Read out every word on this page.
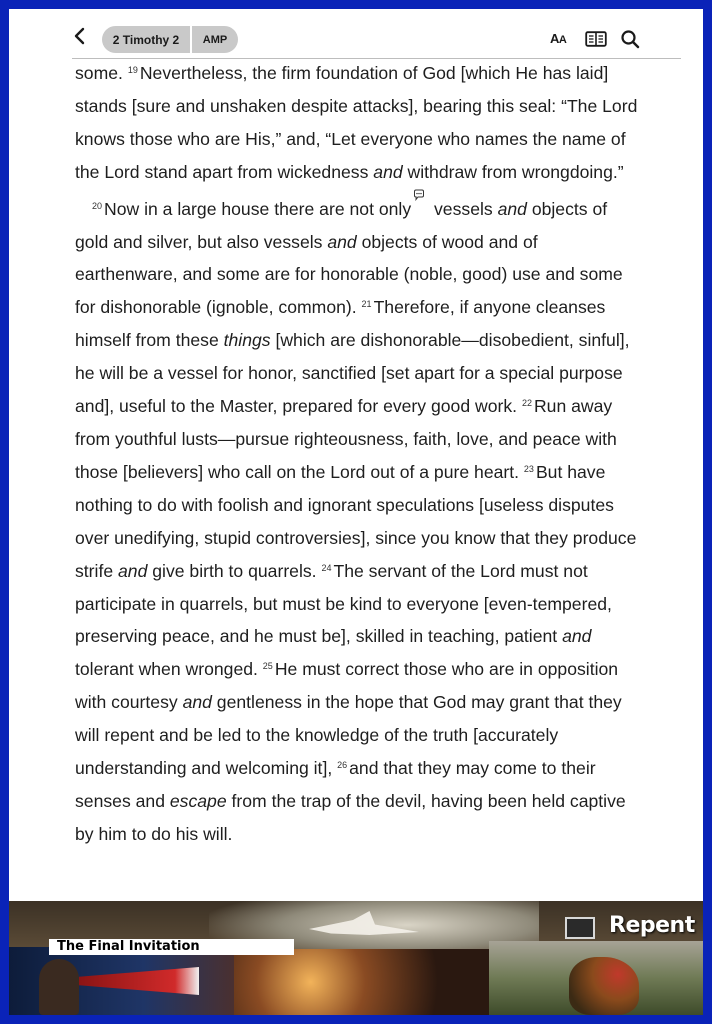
2 Timothy 2	AMP	AA

some. $^{19}$ Nevertheless, the firm foundation of God [which He has laid] stands [sure and unshaken despite attacks], bearing this seal: “The Lord knows those who are His,” and, “Let everyone who names the name of the Lord stand apart from wickedness and withdraw from wrongdoing.”

$^{20}$ Now in a large house there are not only vessels and objects of gold and silver, but also vessels and objects of wood and of earthenware, and some are for honorable (noble, good) use and some for dishonorable (ignoble, common). $^{21}$ Therefore, if anyone cleanses himself from these things [which are dishonorable—disobedient, sinful], he will be a vessel for honor, sanctified [set apart for a special purpose and], useful to the Master, prepared for every good work. $^{22}$ Run away from youthful lusts—pursue righteousness, faith, love, and peace with those [believers] who call on the Lord out of a pure heart. $^{23}$ But have nothing to do with foolish and ignorant speculations [useless disputes over unedifying, stupid controversies], since you know that they produce strife and give birth to quarrels. $^{24}$ The servant of the Lord must not participate in quarrels, but must be kind to everyone [even-tempered, preserving peace, and he must be], skilled in teaching, patient and tolerant when wronged. $^{25}$ He must correct those who are in opposition with courtesy and gentleness in the hope that God may grant that they will repent and be led to the knowledge of the truth [accurately understanding and welcoming it], $^{26}$ and that they may come to their senses and escape from the trap of the devil, having been held captive by him to do his will.

The Final Invitation
Repent
